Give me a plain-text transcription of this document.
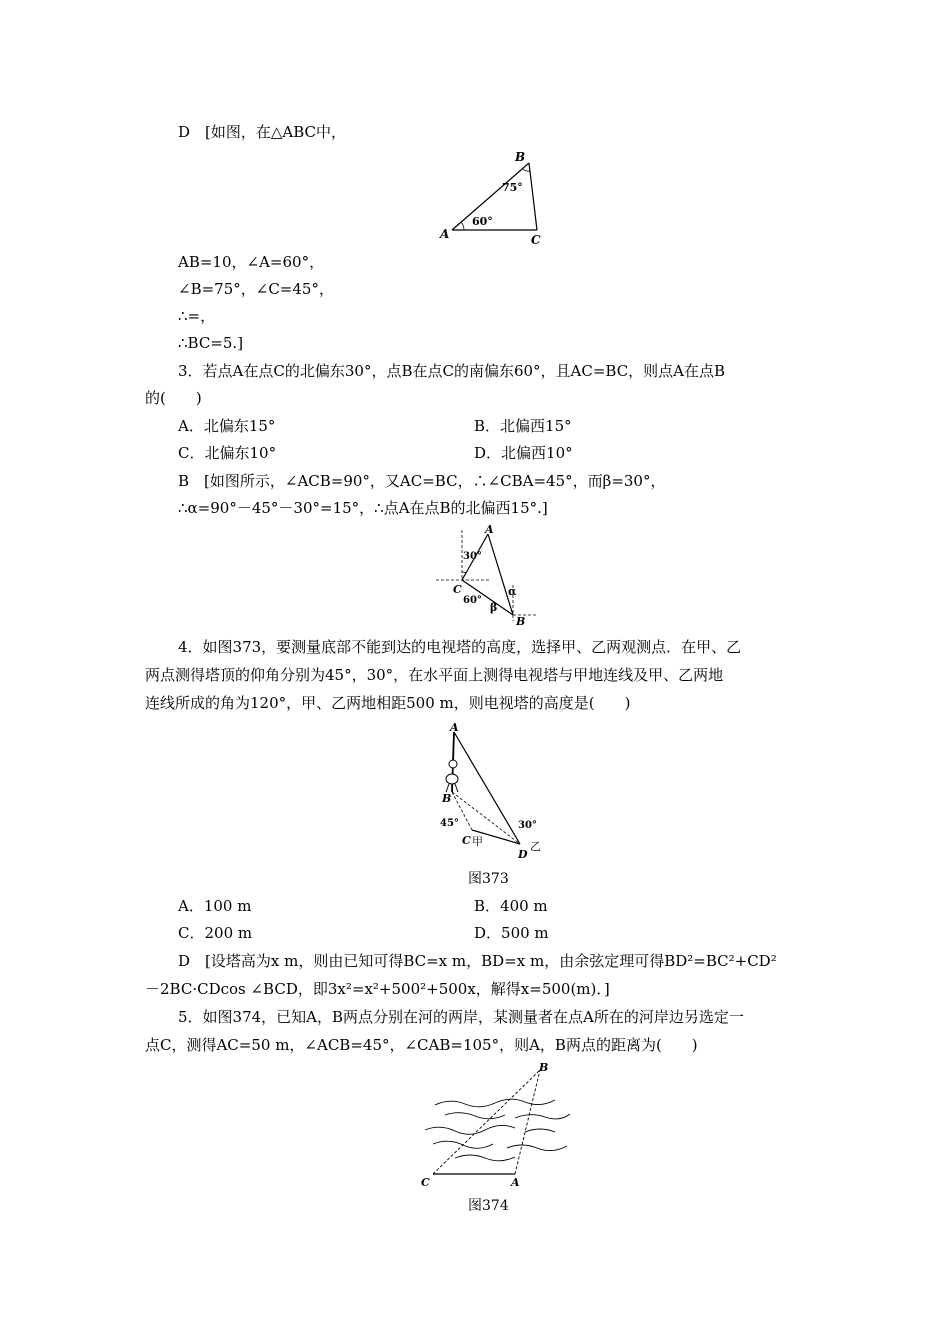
D　[如图，在△ABC中，
A
B
C
60°
75°
AB=10，∠A=60°，
∠B=75°，∠C=45°，
∴=，
∴BC=5.]
3．若点A在点C的北偏东30°，点B在点C的南偏东60°，且AC=BC，则点A在点B
的(　　)
A．北偏东15°	B．北偏西15°
C．北偏东10°	D．北偏西10°
B　[如图所示，∠ACB=90°，又AC=BC，∴∠CBA=45°，而β=30°，
∴α=90°－45°－30°=15°，∴点A在点B的北偏西15°.]
A
C
B
30°
60°
α
β
4．如图373，要测量底部不能到达的电视塔的高度，选择甲、乙两观测点．在甲、乙
两点测得塔顶的仰角分别为45°，30°，在水平面上测得电视塔与甲地连线及甲、乙两地
连线所成的角为120°，甲、乙两地相距500 m，则电视塔的高度是(　　)
A
B
45°	30°
C 甲
D
乙
图373
A．100 m	B．400 m
C．200 m	D．500 m
D　[设塔高为x m，则由已知可得BC=x m，BD=x m，由余弦定理可得BD²=BC²+CD²
－2BC·CDcos ∠BCD，即3x²=x²+500²+500x，解得x=500(m)．]
5．如图374，已知A，B两点分别在河的两岸，某测量者在点A所在的河岸边另选定一
点C，测得AC=50 m，∠ACB=45°，∠CAB=105°，则A，B两点的距离为(　　)
B
C	A
图374
